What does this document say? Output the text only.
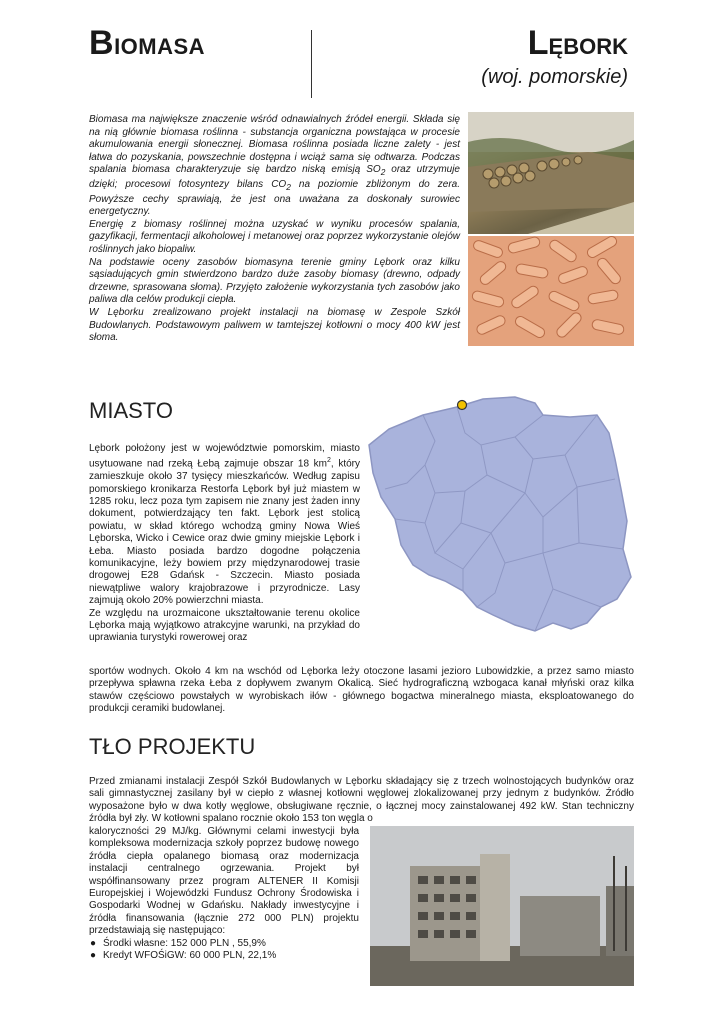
BIOMASA	LĘBORK
(woj. pomorskie)

Biomasa ma największe znaczenie wśród odnawialnych źródeł energii. Składa się na nią głównie biomasa roślinna - substancja organiczna powstająca w procesie akumulowania energii słonecznej. Biomasa roślinna posiada liczne zalety - jest łatwa do pozyskania, powszechnie dostępna i wciąż sama się odtwarza. Podczas spalania biomasa charakteryzuje się bardzo niską emisją $SO_2$ oraz utrzymuje dzięki; procesowi fotosyntezy bilans $CO_2$ na poziomie zbliżonym do zera. Powyższe cechy sprawiają, że jest ona uważana za doskonały surowiec energetyczny.

Energię z biomasy roślinnej można uzyskać w wyniku procesów spalania, gazyfikacji, fermentacji alkoholowej i metanowej oraz poprzez wykorzystanie olejów roślinnych jako biopaliw.

Na podstawie oceny zasobów biomasyna terenie gminy Lębork oraz kilku sąsiadujących gmin stwierdzono bardzo duże zasoby biomasy (drewno, odpady drzewne, sprasowana słoma). Przyjęto założenie wykorzystania tych zasobów jako paliwa dla celów produkcji ciepła.

W Lęborku zrealizowano projekt instalacji na biomasę w Zespole Szkół Budowlanych. Podstawowym paliwem w tamtejszej kotłowni o mocy 400 kW jest słoma.

MIASTO

Lębork położony jest w województwie pomorskim, miasto usytuowane nad rzeką Łebą zajmuje obszar 18 $km^2$, który zamieszkuje około 37 tysięcy mieszkańców. Według zapisu pomorskiego kronikarza Restorfa Lębork był już miastem w 1285 roku, lecz poza tym zapisem nie znany jest żaden inny dokument, potwierdzający ten fakt. Lębork jest stolicą powiatu, w skład którego wchodzą gminy Nowa Wieś Lęborska, Wicko i Cewice oraz dwie gminy miejskie Lębork i Łeba. Miasto posiada bardzo dogodne połączenia komunikacyjne, leży bowiem przy międzynarodowej trasie drogowej E28 Gdańsk - Szczecin. Miasto posiada niewątpliwe walory krajobrazowe i przyrodnicze. Lasy zajmują około 20% powierzchni miasta.

Ze względu na urozmaicone ukształtowanie terenu okolice Lęborka mają wyjątkowo atrakcyjne warunki, na przykład do uprawiania turystyki rowerowej oraz

sportów wodnych. Około 4 km na wschód od Lęborka leży otoczone lasami jezioro Lubowidzkie, a przez samo miasto przepływa spławna rzeka Łeba z dopływem zwanym Okalicą. Sieć hydrograficzną wzbogaca kanał młyński oraz kilka stawów częściowo powstałych w wyrobiskach iłów - głównego bogactwa mineralnego miasta, eksploatowanego do produkcji ceramiki budowlanej.
TŁO PROJEKTU
Przed zmianami instalacji Zespół Szkół Budowlanych w Lęborku składający się z trzech wolnostojących budynków oraz sali gimnastycznej zasilany był w ciepło z własnej kotłowni węglowej zlokalizowanej przy jednym z budynków. Źródło wyposażone było w dwa kotły węglowe, obsługiwane ręcznie, o łącznej mocy zainstalowanej 492 kW. Stan techniczny źródła był zły. W kotłowni spalano rocznie około 153 ton węgla o

kaloryczności 29 MJ/kg. Głównymi celami inwestycji była kompleksowa modernizacja szkoły poprzez budowę nowego źródła ciepła opalanego biomasą oraz modernizacja instalacji centralnego ogrzewania. Projekt był współfinansowany przez program ALTENER II Komisji Europejskiej i Wojewódzki Fundusz Ochrony Środowiska i Gospodarki Wodnej w Gdańsku. Nakłady inwestycyjne i źródła finansowania (łącznie 272 000 PLN) projektu przedstawiają się następująco:

● Środki własne: 152 000 PLN , 55,9%
● Kredyt WFOŚiGW: 60 000 PLN, 22,1%
